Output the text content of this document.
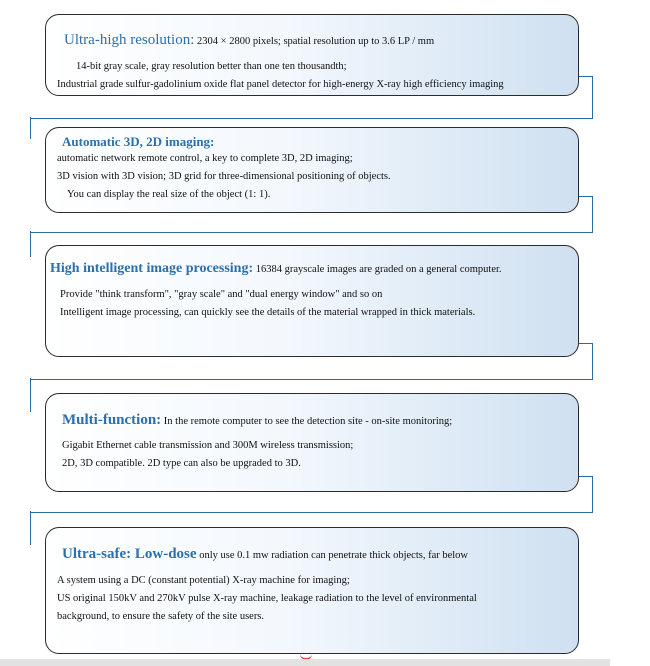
Ultra-high resolution: 2304 × 2800 pixels; spatial resolution up to 3.6 LP / mm
14-bit gray scale, gray resolution better than one ten thousandth;
Industrial grade sulfur-gadolinium oxide flat panel detector for high-energy X-ray high efficiency imaging
Automatic 3D, 2D imaging:
automatic network remote control, a key to complete 3D, 2D imaging;
3D vision with 3D vision; 3D grid for three-dimensional positioning of objects.
You can display the real size of the object (1: 1).
High intelligent image processing: 16384 grayscale images are graded on a general computer.
Provide "think transform", "gray scale" and "dual energy window" and so on
Intelligent image processing, can quickly see the details of the material wrapped in thick materials.
Multi-function: In the remote computer to see the detection site - on-site monitoring;
Gigabit Ethernet cable transmission and 300M wireless transmission;
2D, 3D compatible. 2D type can also be upgraded to 3D.
Ultra-safe: Low-dose only use 0.1 mw radiation can penetrate thick objects, far below
A system using a DC (constant potential) X-ray machine for imaging;
US original 150kV and 270kV pulse X-ray machine, leakage radiation to the level of environmental
background, to ensure the safety of the site users.
